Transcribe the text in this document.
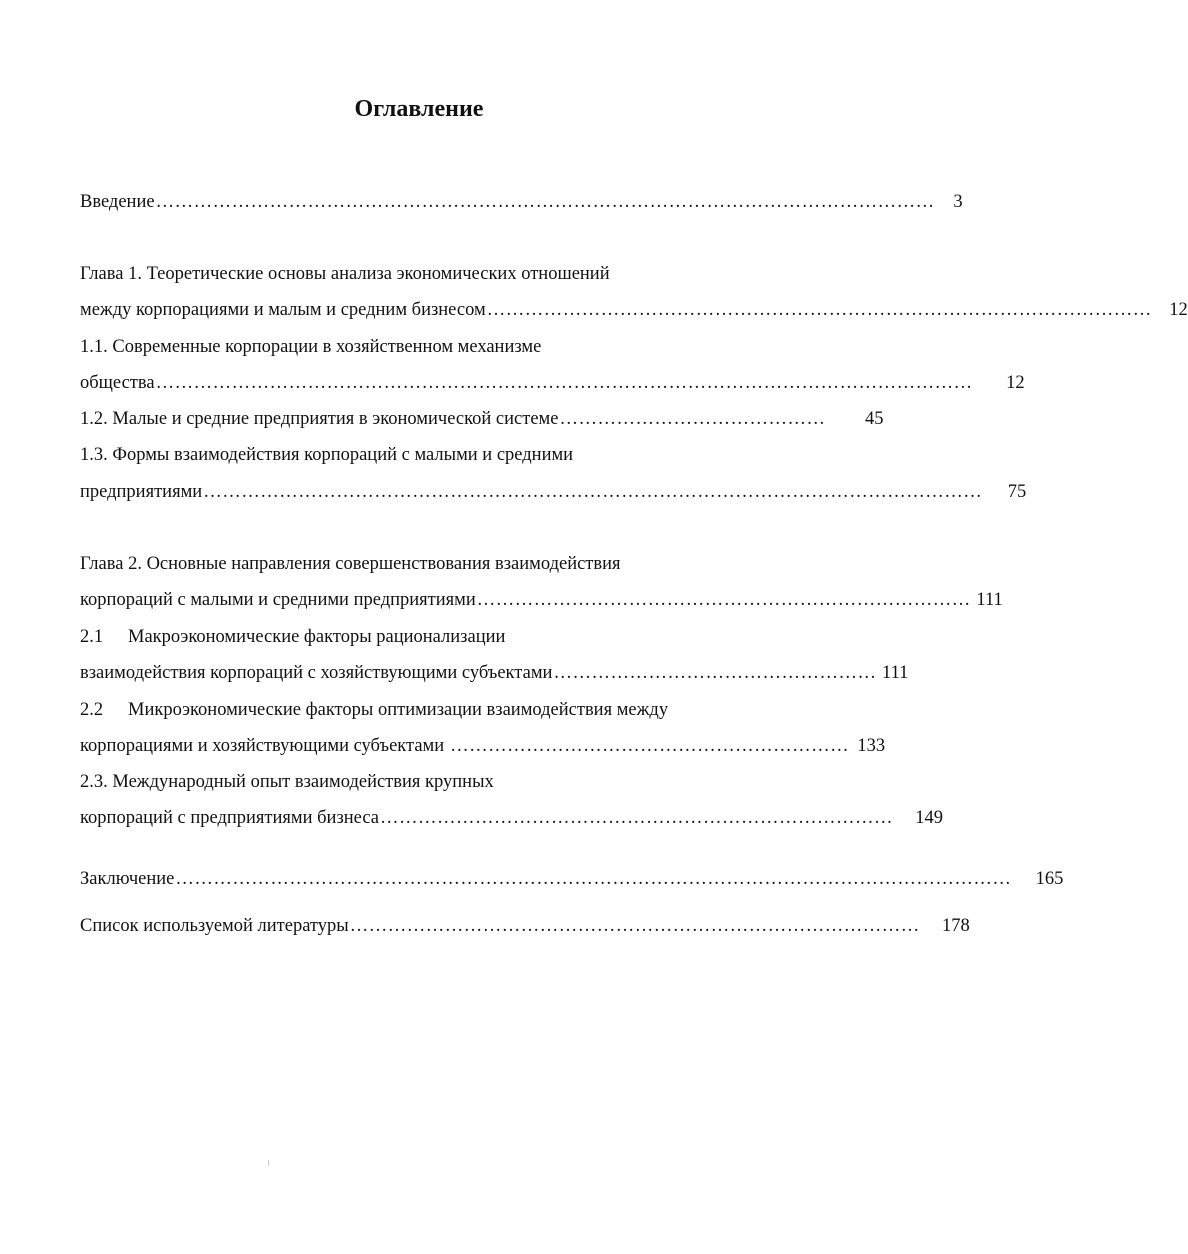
Оглавление
Введение ……………………………………………………………………………………………………………	3
Глава 1. Теоретические основы анализа экономических отношений
между корпорациями и малым и средним бизнесом …………………………………………………………………………………………… 12
1.1. Современные корпорации в хозяйственном механизме
общества ………………………………………………………………………………………………………………… 12
1.2. Малые и средние предприятия в экономической системе …………………………………… 45
1.3. Формы взаимодействия корпораций с малыми и средними
предприятиями …………………………………………………………………………………………………………… 75
Глава 2. Основные направления совершенствования взаимодействия
корпораций с малыми и средними предприятиями …………………………………………………………………… 111
2.1 Макроэкономические факторы рационализации
взаимодействия корпораций с хозяйствующими субъектами …………………………………………… 111
2.2 Микроэкономические факторы оптимизации взаимодействия между
корпорациями и хозяйствующими субъектами ……………………………………………………… 133
2.3. Международный опыт взаимодействия крупных
корпораций с предприятиями бизнеса ……………………………………………………………………… 149
Заключение …………………………………………………………………………………………………………………… 165
Список используемой литературы ……………………………………………………………………………… 178
